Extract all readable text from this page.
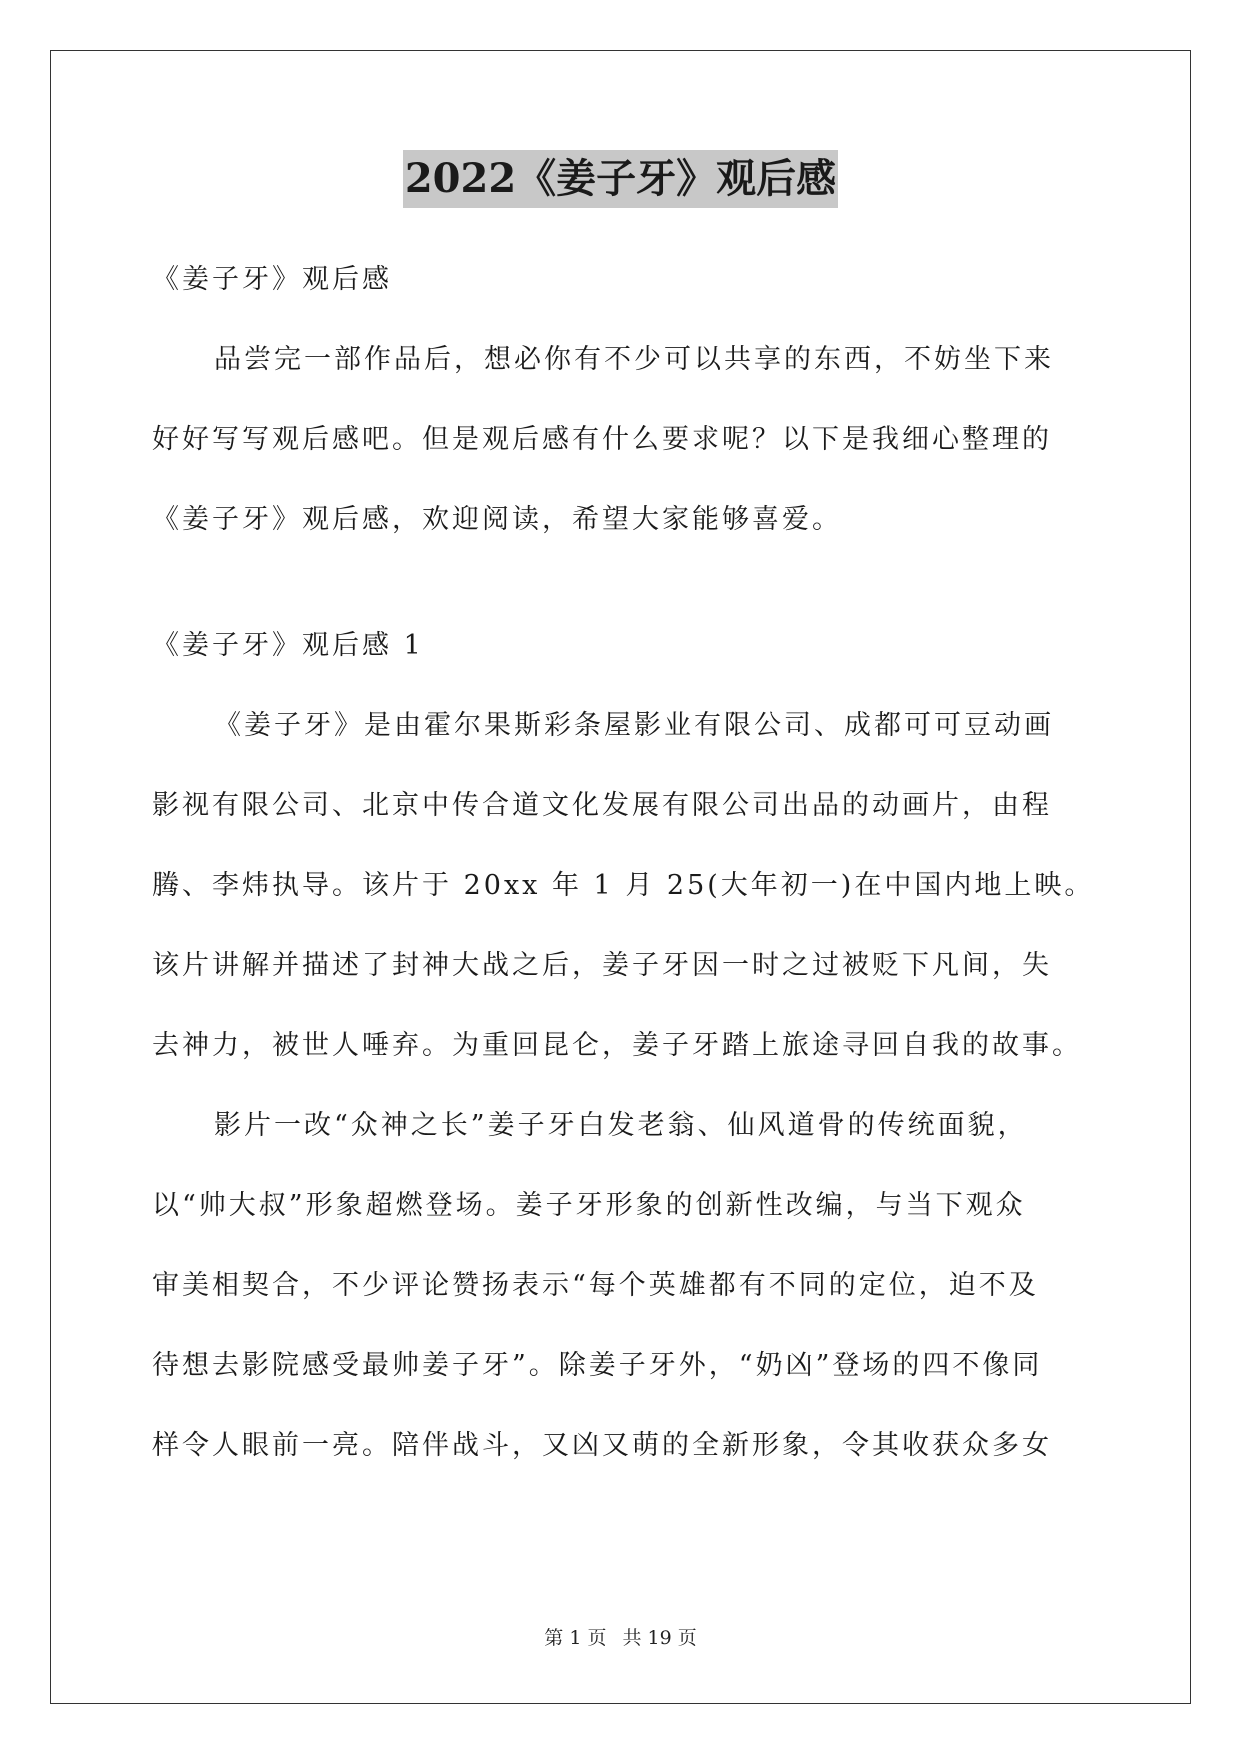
2022《姜子牙》观后感
《姜子牙》观后感
品尝完一部作品后，想必你有不少可以共享的东西，不妨坐下来
好好写写观后感吧。但是观后感有什么要求呢？以下是我细心整理的
《姜子牙》观后感，欢迎阅读，希望大家能够喜爱。
《姜子牙》观后感 1
《姜子牙》是由霍尔果斯彩条屋影业有限公司、成都可可豆动画
影视有限公司、北京中传合道文化发展有限公司出品的动画片，由程
腾、李炜执导。该片于 20xx 年 1 月 25(大年初一)在中国内地上映。
该片讲解并描述了封神大战之后，姜子牙因一时之过被贬下凡间，失
去神力，被世人唾弃。为重回昆仑，姜子牙踏上旅途寻回自我的故事。
影片一改“众神之长”姜子牙白发老翁、仙风道骨的传统面貌，
以“帅大叔”形象超燃登场。姜子牙形象的创新性改编，与当下观众
审美相契合，不少评论赞扬表示“每个英雄都有不同的定位，迫不及
待想去影院感受最帅姜子牙”。除姜子牙外，“奶凶”登场的四不像同
样令人眼前一亮。陪伴战斗，又凶又萌的全新形象，令其收获众多女
第 1 页 共 19 页
